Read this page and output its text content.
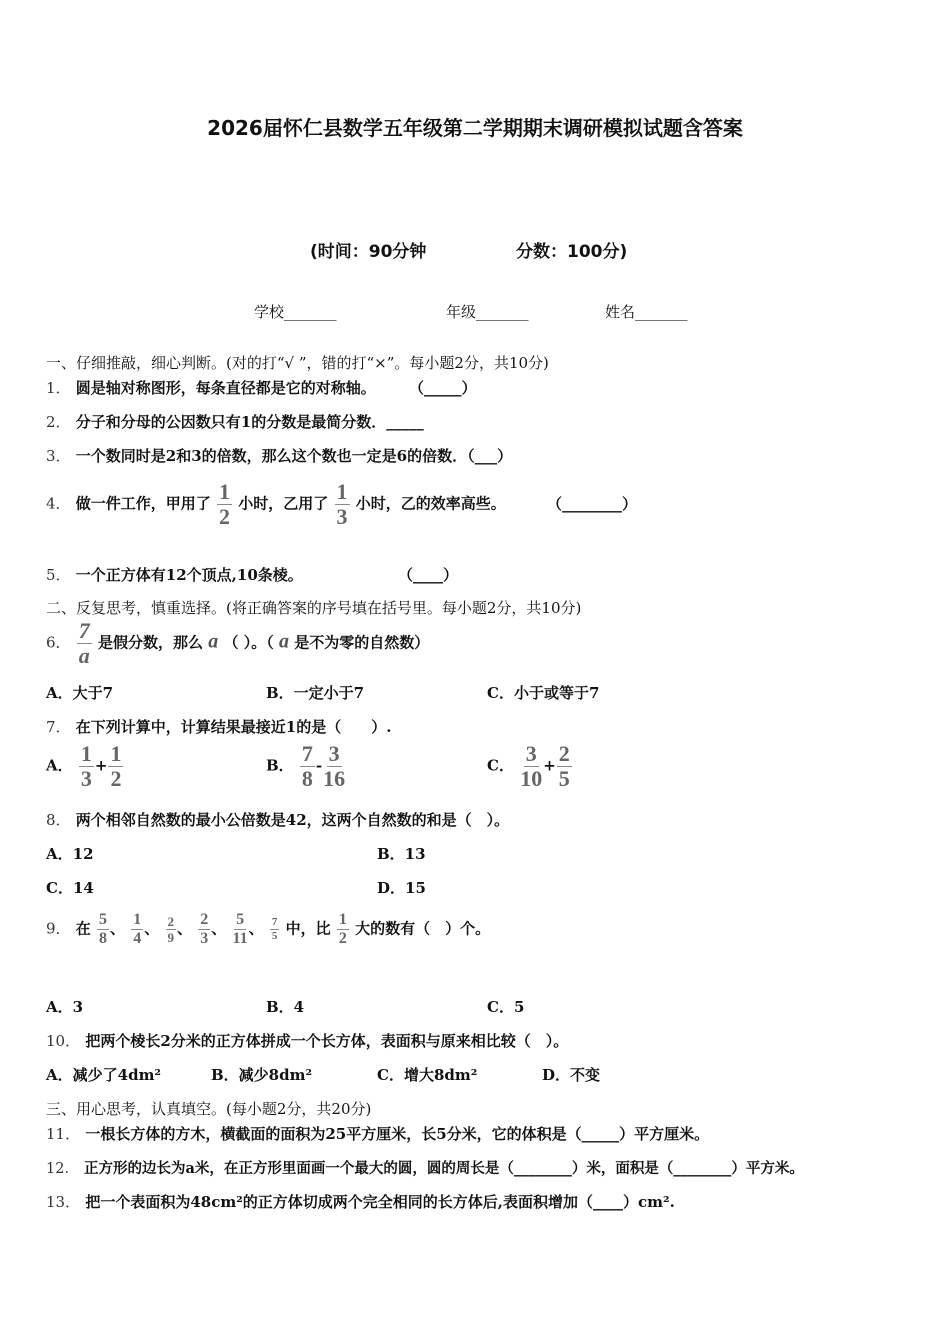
2026届怀仁县数学五年级第二学期期末调研模拟试题含答案
(时间：90分钟	分数：100分)
学校_______	年级_______	姓名_______
一、仔细推敲，细心判断。(对的打“√ ”，错的打“×”。每小题2分，共10分)
1． 圆是轴对称图形，每条直径都是它的对称轴。 （_____）
2． 分子和分母的公因数只有1的分数是最简分数．_____
3． 一个数同时是2和3的倍数，那么这个数也一定是6的倍数．（___）
4． 做一件工作，甲用了 $\frac{1}{2}$ 小时，乙用了 $\frac{1}{3}$ 小时，乙的效率高些。	（________）
5． 一个正方体有12个顶点,10条棱。	（____）
二、反复思考，慎重选择。(将正确答案的序号填在括号里。每小题2分，共10分)
6． $\frac{7}{a}$ 是假分数，那么 a （ ）。（ a 是不为零的自然数）
A．大于7	B．一定小于7	C．小于或等于7
7． 在下列计算中，计算结果最接近1的是（　　）.
A． $\frac{1}{3} + \frac{1}{2}$	B． $\frac{7}{8} - \frac{3}{16}$	C． $\frac{3}{10} + \frac{2}{5}$
8． 两个相邻自然数的最小公倍数是42，这两个自然数的和是（　）。
A．12	B．13
C．14	D．15
9． 在 $\frac{5}{8}$ 、 $\frac{1}{4}$ 、 $\frac{2}{9}$ 、 $\frac{2}{3}$ 、 $\frac{5}{11}$ 、 $\frac{7}{5}$ 中，比 $\frac{1}{2}$ 大的数有（　）个。
A．3	B．4	C．5
10． 把两个棱长2分米的正方体拼成一个长方体，表面积与原来相比较（　）。
A．减少了4dm²	B．减少8dm²	C．增大8dm²	D．不变
三、用心思考，认真填空。(每小题2分，共20分)
11． 一根长方体的方木，横截面的面积为25平方厘米，长5分米，它的体积是（_____）平方厘米。
12． 正方形的边长为a米，在正方形里面画一个最大的圆，圆的周长是（________）米，面积是（________）平方米。
13． 把一个表面积为48cm²的正方体切成两个完全相同的长方体后,表面积增加（____）cm².
